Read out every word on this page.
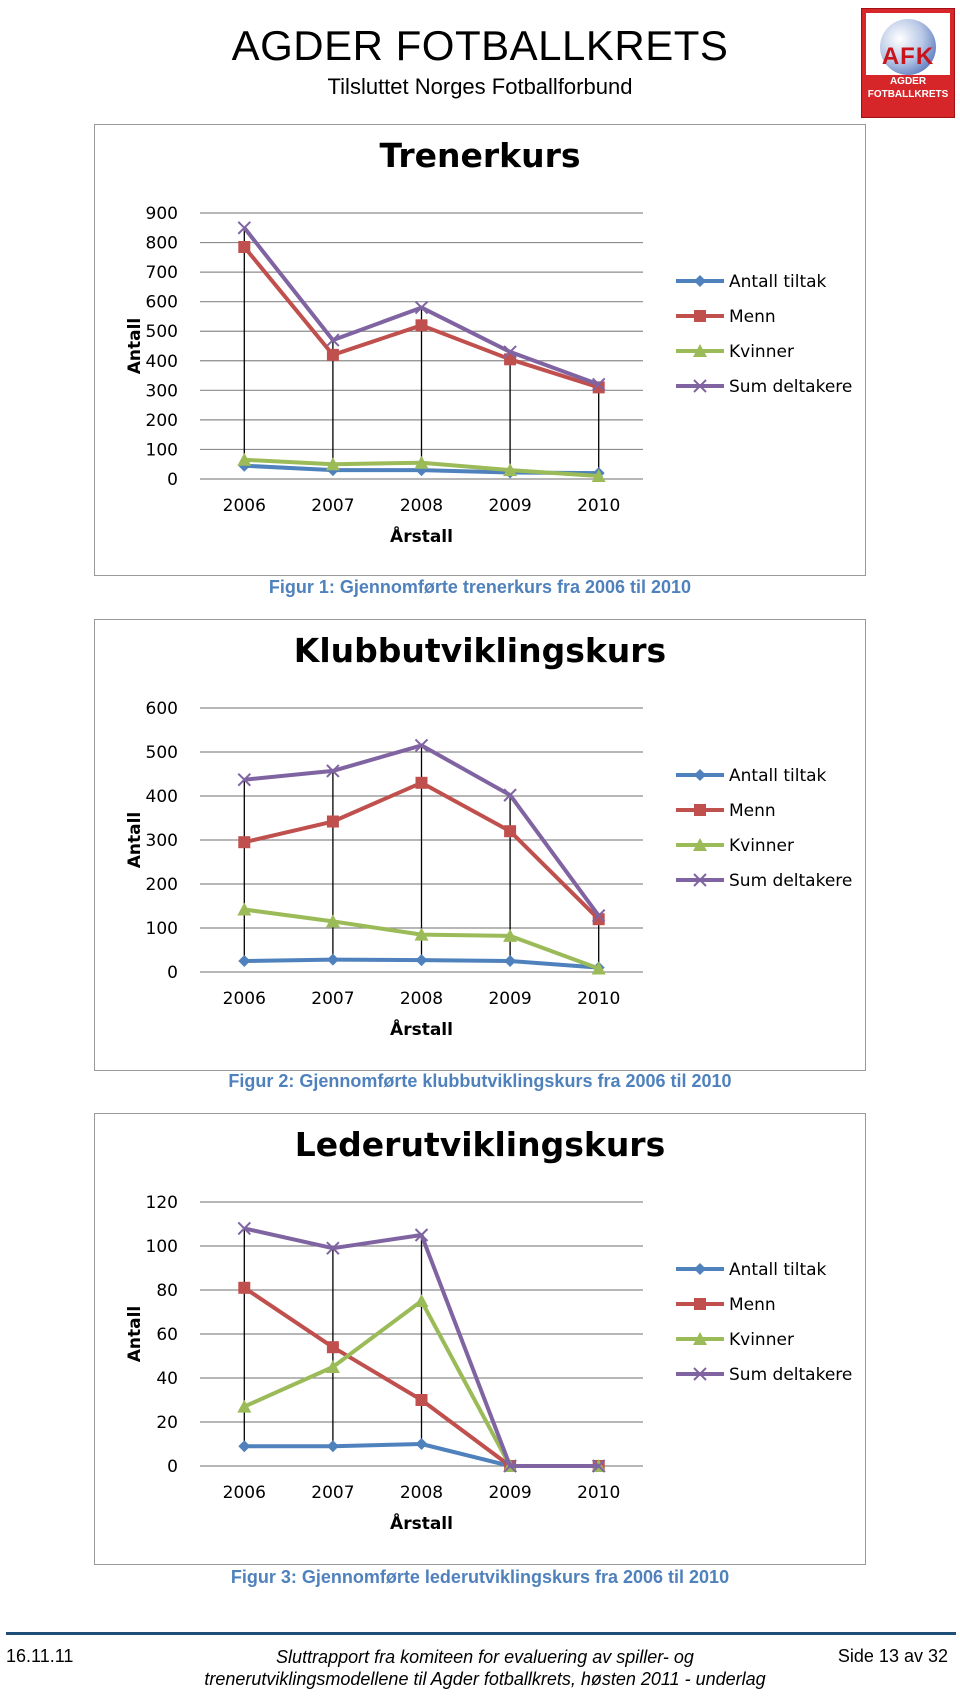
AGDER FOTBALLKRETS
Tilsluttet Norges Fotballforbund
AFK
AGDER
FOTBALLKRETS
Trenerkurs
0
100
200
300
400
500
600
700
800
900
2006	2007	2008	2009	2010
Årstall
Antall
Antall tiltak
Menn
Kvinner
Sum deltakere
Figur 1: Gjennomførte trenerkurs fra 2006 til 2010
Klubbutviklingskurs
0
100
200
300
400
500
600
2006	2007	2008	2009	2010
Årstall
Antall
Antall tiltak
Menn
Kvinner
Sum deltakere
Figur 2: Gjennomførte klubbutviklingskurs fra 2006 til 2010
Lederutviklingskurs
0
20
40
60
80
100
120
2006	2007	2008	2009	2010
Årstall
Antall
Antall tiltak
Menn
Kvinner
Sum deltakere
Figur 3: Gjennomførte lederutviklingskurs fra 2006 til 2010
16.11.11	Sluttrapport fra komiteen for evaluering av spiller- og
trenerutviklingsmodellene til Agder fotballkrets, høsten 2011 - underlag
Side 13 av 32
